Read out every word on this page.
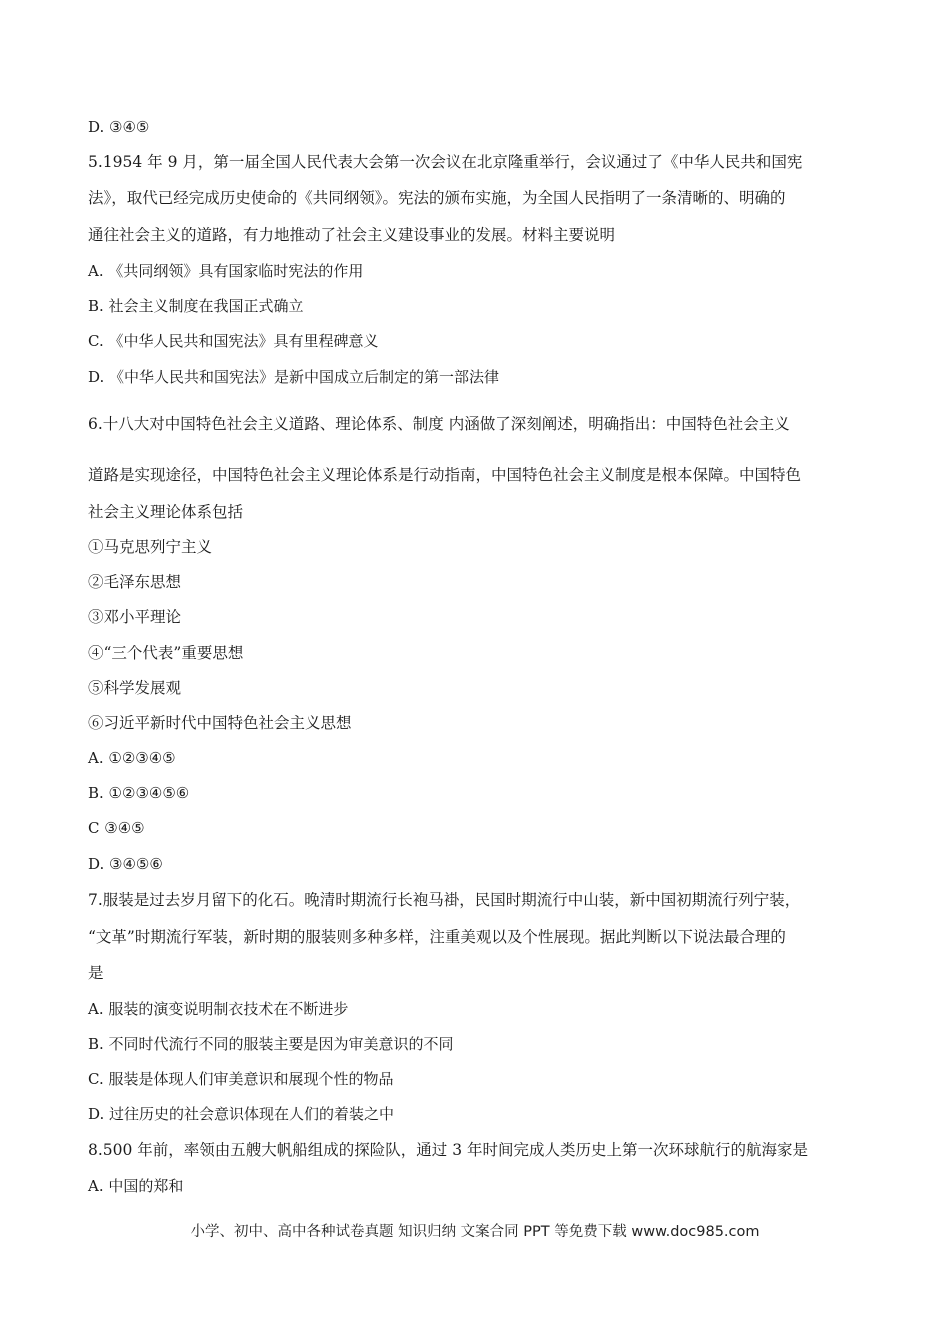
D. ③④⑤
5.1954 年 9 月，第一届全国人民代表大会第一次会议在北京隆重举行，会议通过了《中华人民共和国宪
法》，取代已经完成历史使命的《共同纲领》。宪法的颁布实施，为全国人民指明了一条清晰的、明确的
通往社会主义的道路，有力地推动了社会主义建设事业的发展。材料主要说明
A. 《共同纲领》具有国家临时宪法的作用
B. 社会主义制度在我国正式确立
C. 《中华人民共和国宪法》具有里程碑意义
D. 《中华人民共和国宪法》是新中国成立后制定的第一部法律
6.十八大对中国特色社会主义道路、理论体系、制度 内涵做了深刻阐述，明确指出：中国特色社会主义
道路是实现途径，中国特色社会主义理论体系是行动指南，中国特色社会主义制度是根本保障。中国特色
社会主义理论体系包括
①马克思列宁主义
②毛泽东思想
③邓小平理论
④“三个代表”重要思想
⑤科学发展观
⑥习近平新时代中国特色社会主义思想
A. ①②③④⑤
B. ①②③④⑤⑥
C ③④⑤
D. ③④⑤⑥
7.服装是过去岁月留下的化石。晚清时期流行长袍马褂，民国时期流行中山装，新中国初期流行列宁装，
“文革”时期流行军装，新时期的服装则多种多样，注重美观以及个性展现。据此判断以下说法最合理的
是
A. 服装的演变说明制衣技术在不断进步
B. 不同时代流行不同的服装主要是因为审美意识的不同
C. 服装是体现人们审美意识和展现个性的物品
D. 过往历史的社会意识体现在人们的着装之中
8.500 年前，率领由五艘大帆船组成的探险队，通过 3 年时间完成人类历史上第一次环球航行的航海家是
A. 中国的郑和
小学、初中、高中各种试卷真题 知识归纳 文案合同 PPT 等免费下载 www.doc985.com
